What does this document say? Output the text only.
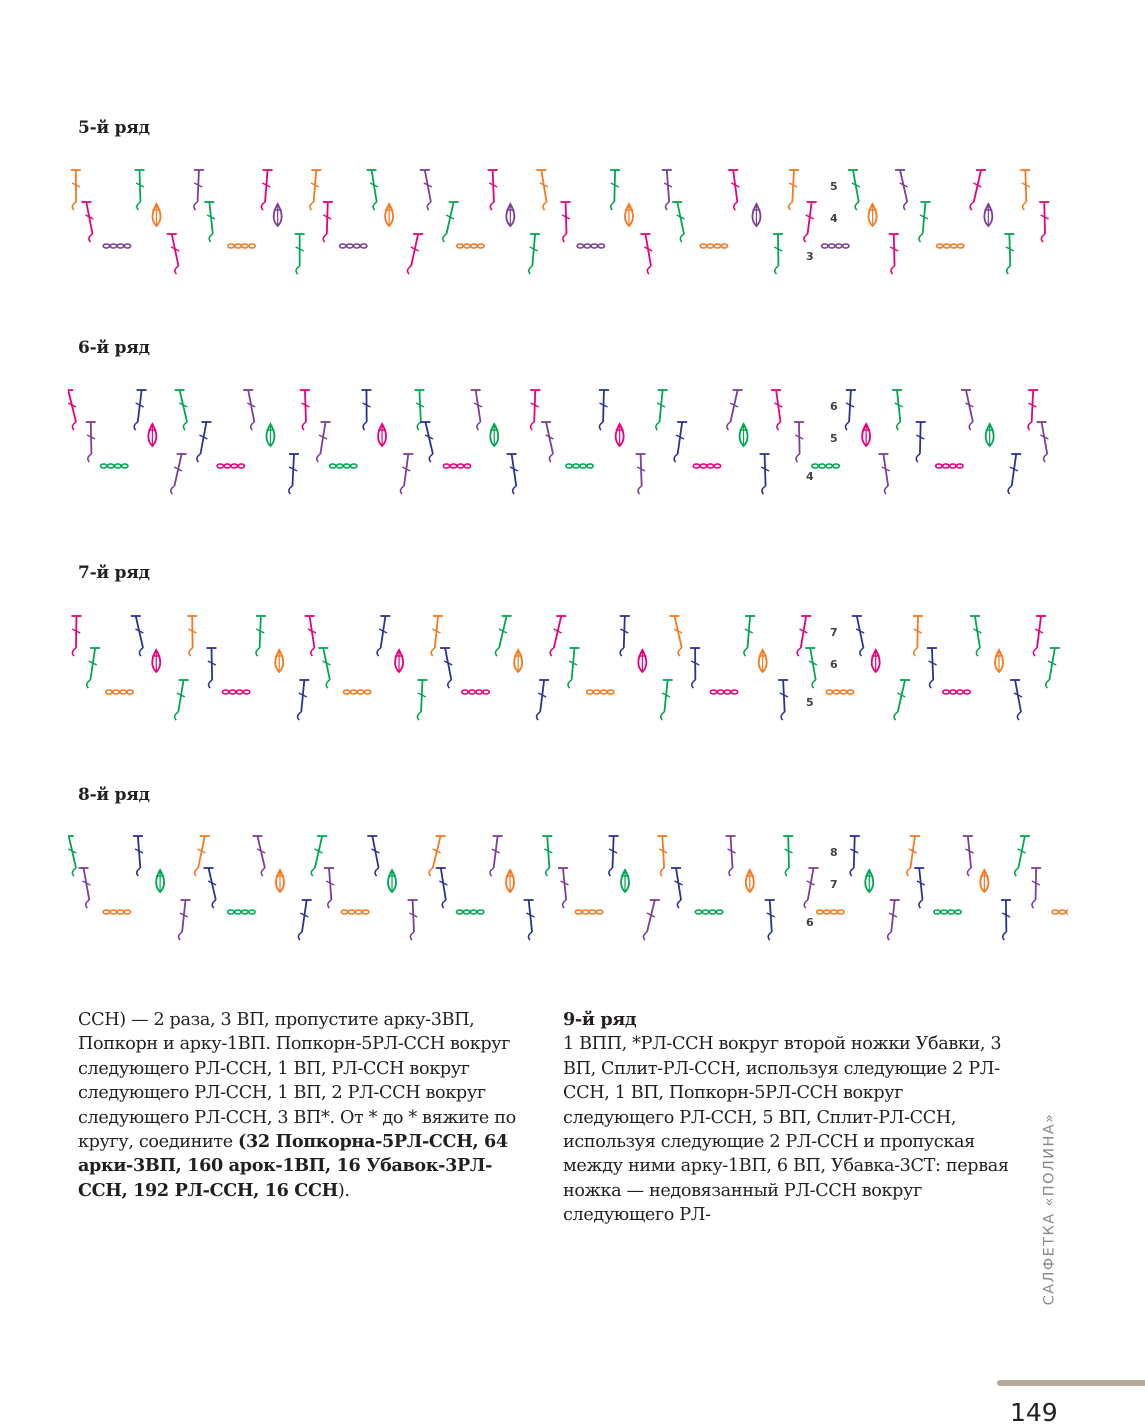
5-й ряд
5
4
3
6-й ряд
6
5
4
7-й ряд
7
6
5
8-й ряд
8
7
6

ССН) — 2 раза, 3 ВП, пропустите арку-3ВП, Попкорн и арку-1ВП. Попкорн-5РЛ-ССН вокруг следующего РЛ-ССН, 1 ВП, РЛ-ССН вокруг следующего РЛ-ССН, 1 ВП, 2 РЛ-ССН вокруг следующего РЛ-ССН, 3 ВП*. От * до * вяжите по кругу, соедините (32 Попкорна-5РЛ-ССН, 64 арки-3ВП, 160 арок-1ВП, 16 Убавок-3РЛ-ССН, 192 РЛ-ССН, 16 ССН).

9-й ряд

1 ВПП, *РЛ-ССН вокруг второй ножки Убавки, 3 ВП, Сплит-РЛ-ССН, используя следующие 2 РЛ-ССН, 1 ВП, Попкорн-5РЛ-ССН вокруг следующего РЛ-ССН, 5 ВП, Сплит-РЛ-ССН, используя следующие 2 РЛ-ССН и пропуская между ними арку-1ВП, 6 ВП, Убавка-3СТ: первая ножка — недовязанный РЛ-ССН вокруг следующего РЛ-	САЛФЕТКА «ПОЛИНА»

149
